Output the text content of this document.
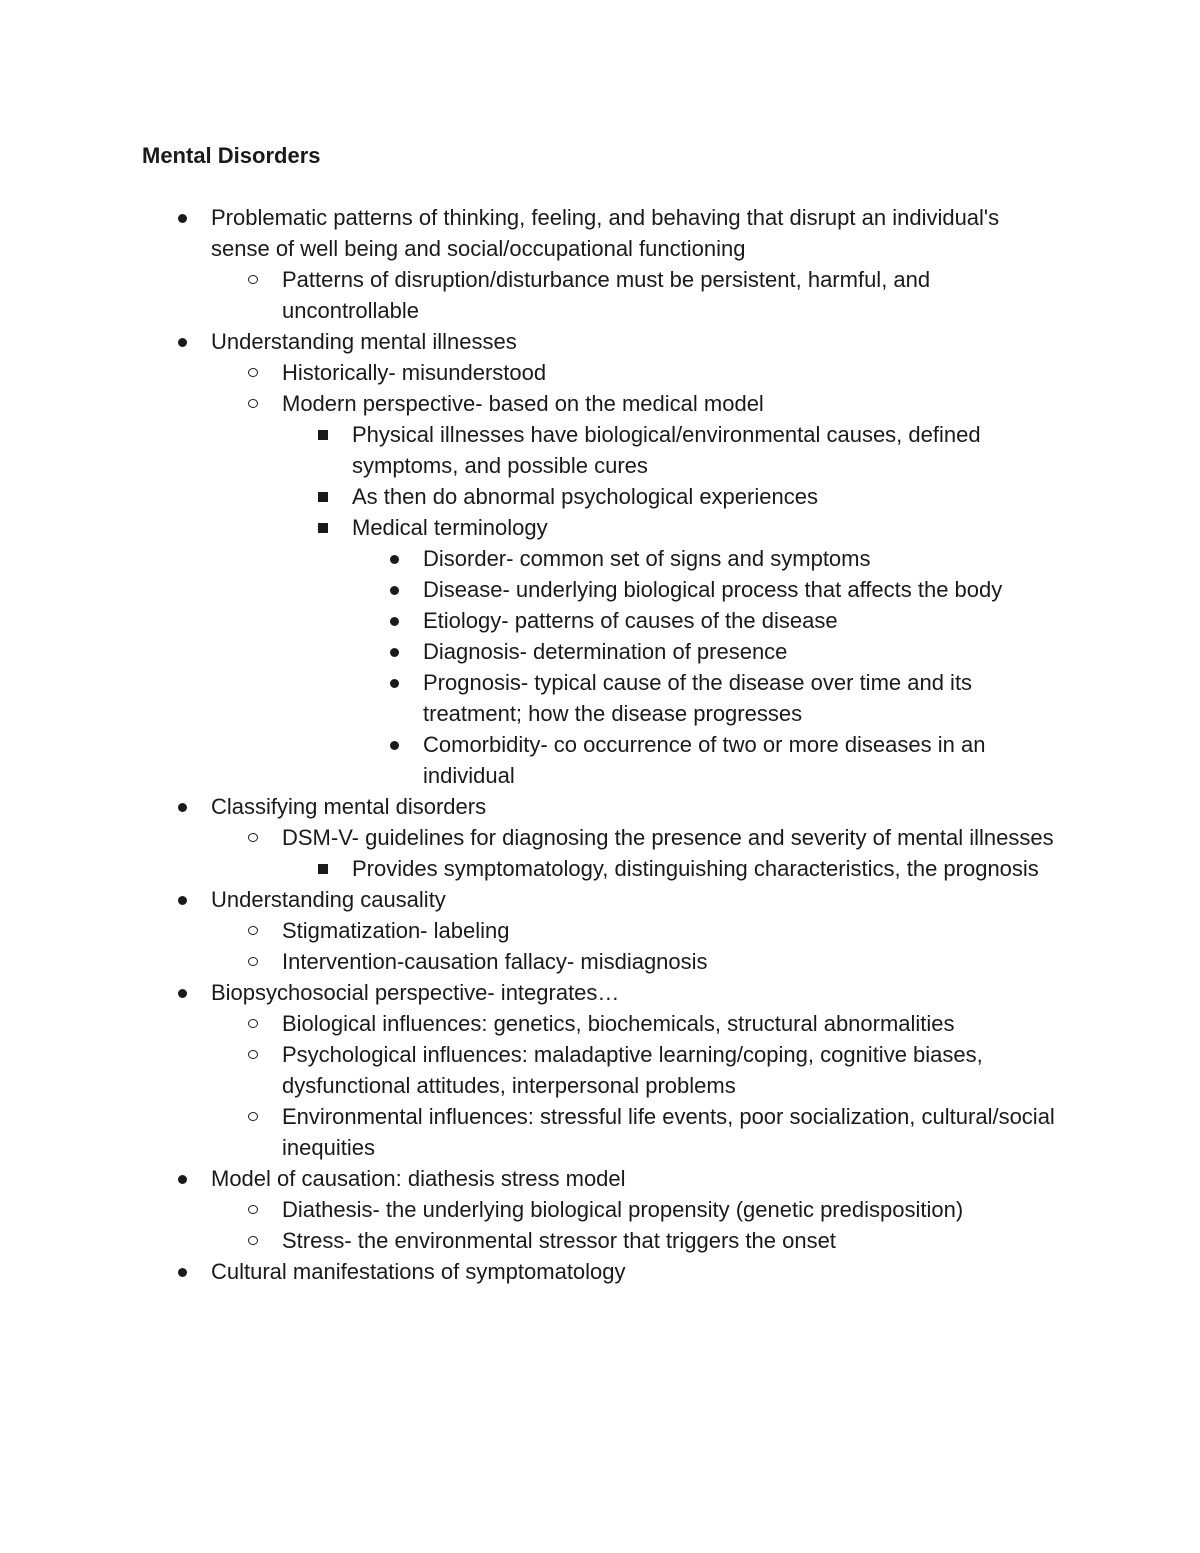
Mental Disorders
Problematic patterns of thinking, feeling, and behaving that disrupt an individual's sense of well being and social/occupational functioning
Patterns of disruption/disturbance must be persistent, harmful, and uncontrollable
Understanding mental illnesses
Historically- misunderstood
Modern perspective- based on the medical model
Physical illnesses have biological/environmental causes, defined symptoms, and possible cures
As then do abnormal psychological experiences
Medical terminology
Disorder- common set of signs and symptoms
Disease- underlying biological process that affects the body
Etiology- patterns of causes of the disease
Diagnosis- determination of presence
Prognosis- typical cause of the disease over time and its treatment; how the disease progresses
Comorbidity- co occurrence of two or more diseases in an individual
Classifying mental disorders
DSM-V- guidelines for diagnosing the presence and severity of mental illnesses
Provides symptomatology, distinguishing characteristics, the prognosis
Understanding causality
Stigmatization- labeling
Intervention-causation fallacy- misdiagnosis
Biopsychosocial perspective- integrates…
Biological influences: genetics, biochemicals, structural abnormalities
Psychological influences: maladaptive learning/coping, cognitive biases, dysfunctional attitudes, interpersonal problems
Environmental influences: stressful life events, poor socialization, cultural/social inequities
Model of causation: diathesis stress model
Diathesis- the underlying biological propensity (genetic predisposition)
Stress- the environmental stressor that triggers the onset
Cultural manifestations of symptomatology
